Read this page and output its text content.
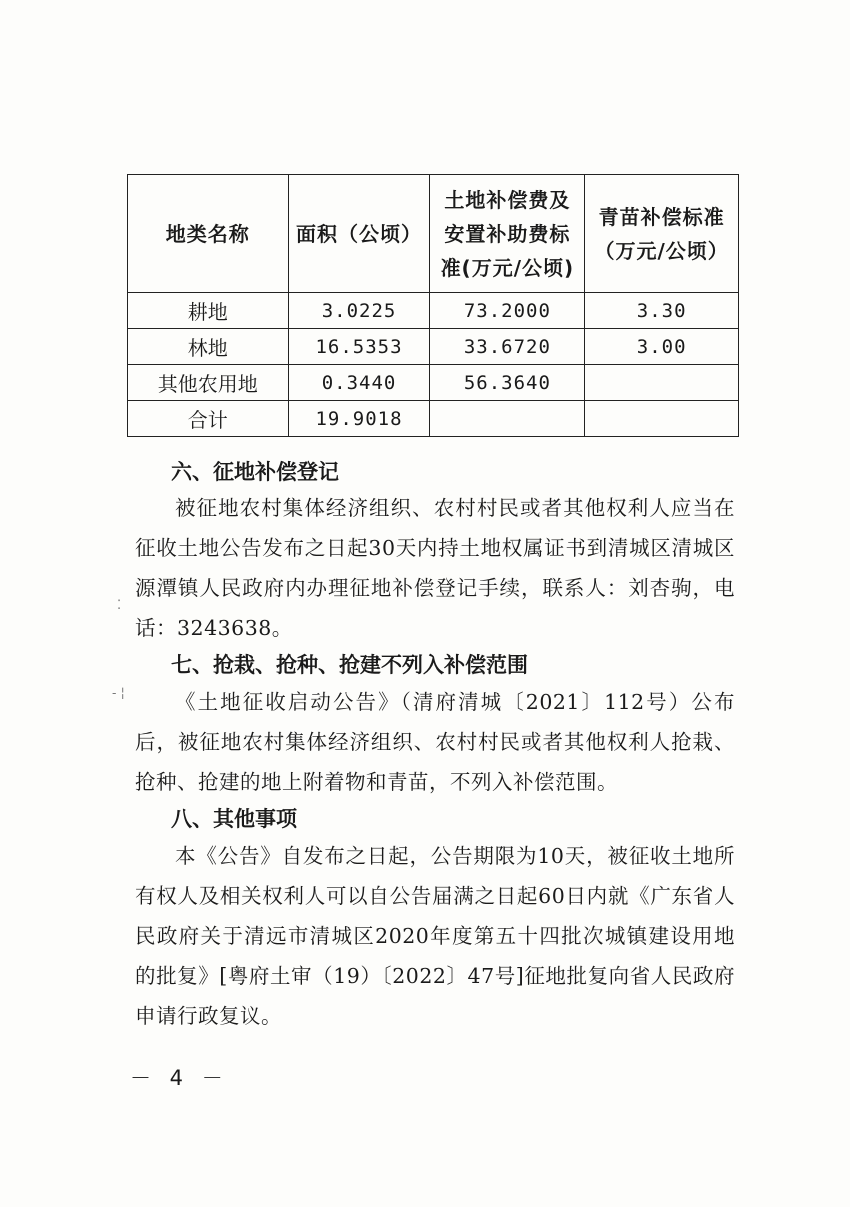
地类名称	面积（公顷）	土地补偿费及安置补助费标准(万元/公顷)	青苗补偿标准（万元/公顷）
耕地	3.0225	73.2000	3.30
林地	16.5353	33.6720	3.00
其他农用地	0.3440	56.3640	
合计	19.9018		
六、征地补偿登记

被征地农村集体经济组织、农村村民或者其他权利人应当在征收土地公告发布之日起30天内持土地权属证书到清城区清城区源潭镇人民政府内办理征地补偿登记手续，联系人：刘杏驹，电话：3243638。

七、抢栽、抢种、抢建不列入补偿范围

《土地征收启动公告》（清府清城〔2021〕112号）公布后，被征地农村集体经济组织、农村村民或者其他权利人抢栽、抢种、抢建的地上附着物和青苗，不列入补偿范围。

八、其他事项

本《公告》自发布之日起，公告期限为10天，被征收土地所有权人及相关权利人可以自公告届满之日起60日内就《广东省人民政府关于清远市清城区2020年度第五十四批次城镇建设用地的批复》[粤府土审（19）〔2022〕47号]征地批复向省人民政府申请行政复议。

－ 4 －
⁚
- ¦
